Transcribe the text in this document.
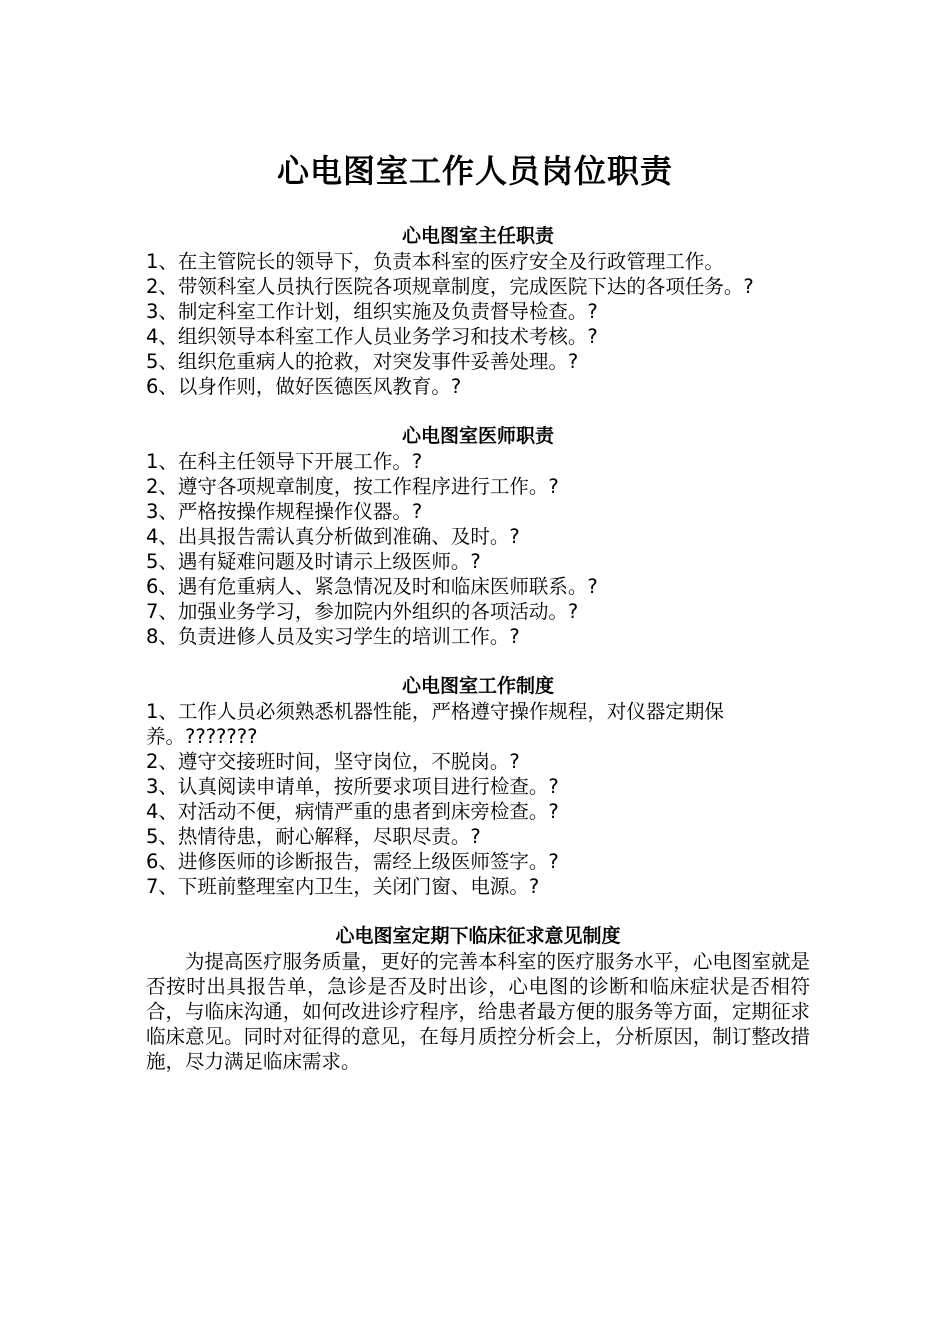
心电图室工作人员岗位职责
心电图室主任职责
1、在主管院长的领导下，负责本科室的医疗安全及行政管理工作。
2、带领科室人员执行医院各项规章制度，完成医院下达的各项任务。?
3、制定科室工作计划，组织实施及负责督导检查。?
4、组织领导本科室工作人员业务学习和技术考核。?
5、组织危重病人的抢救，对突发事件妥善处理。?
6、以身作则，做好医德医风教育。?
心电图室医师职责
1、在科主任领导下开展工作。?
2、遵守各项规章制度，按工作程序进行工作。?
3、严格按操作规程操作仪器。?
4、出具报告需认真分析做到准确、及时。?
5、遇有疑难问题及时请示上级医师。?
6、遇有危重病人、紧急情况及时和临床医师联系。?
7、加强业务学习，参加院内外组织的各项活动。?
8、负责进修人员及实习学生的培训工作。?
心电图室工作制度
1、工作人员必须熟悉机器性能，严格遵守操作规程，对仪器定期保养。???????
2、遵守交接班时间，坚守岗位，不脱岗。?
3、认真阅读申请单，按所要求项目进行检查。?
4、对活动不便，病情严重的患者到床旁检查。?
5、热情待患，耐心解释，尽职尽责。?
6、进修医师的诊断报告，需经上级医师签字。?
7、下班前整理室内卫生，关闭门窗、电源。?
心电图室定期下临床征求意见制度

为提高医疗服务质量，更好的完善本科室的医疗服务水平，心电图室就是否按时出具报告单，急诊是否及时出诊，心电图的诊断和临床症状是否相符合，与临床沟通，如何改进诊疗程序，给患者最方便的服务等方面，定期征求临床意见。同时对征得的意见，在每月质控分析会上，分析原因，制订整改措施，尽力满足临床需求。
